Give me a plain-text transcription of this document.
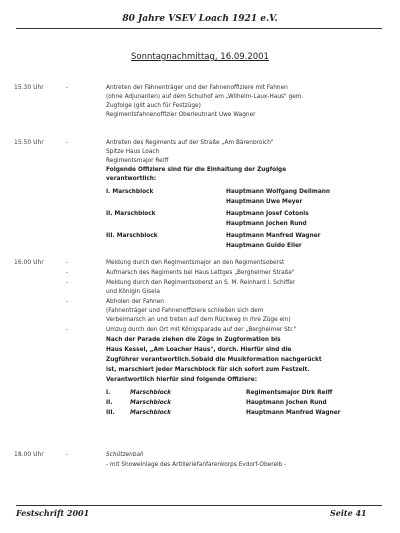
80 Jahre VSEV Loach 1921 e.V.
Sonntagnachmittag, 16.09.2001
15.30 Uhr	-	Antreten der Fähnenträger und der Fahnenoffiziere mit Fahnen
(ohne Adjunanten) auf dem Schulhof am „Wilhelm-Laux-Haus" gem.
Zugfolge (gilt auch für Festzüge)
Regimentsfahnenoffizier Oberleutnant Uwe Wagner
15.50 Uhr	-	Antreten des Regiments auf der Straße „Am Bärenbroich"
Spitze Haus Loach
Regimentsmajor Reiff
Folgende Offiziere sind für die Einhaltung der Zugfolge
verantwortlich:
I. Marschblock	Hauptmann Wolfgang Dellmann
Hauptmann Uwe Meyer
II. Marschblock	Hauptmann Josef Cotonis
Hauptmann Jochen Rund
III. Marschblock	Hauptmann Manfred Wagner
Hauptmann Guido Eller
16.00 Uhr	-	Meldung durch den Regimentsmajor an den Regimentsoberst
-	Aufmarsch des Regiments bei Haus Lettges „Bergheimer Straße"
-	Meldung durch den Regimentsoberst an S. M. Reinhard I. Schiffer
und Königin Gisela
-	Abholen der Fahnen
(Fahnenträger und Fahnenoffiziere schließen sich dem
Verbeimarsch an und treten auf dem Rückweg in ihre Züge ein)
-	Umzug durch den Ort mit Königsparade auf der „Bergheimer Str."
Nach der Parade ziehen die Züge in Zugformation bis
Haus Kessel, „Am Loacher Haus", durch. Hierfür sind die
Zugführer verantwortlich.Sobald die Musikformation nachgerückt
ist, marschiert jeder Marschblock für sich sofort zum Festzelt.
Verantwortlich hierfür sind folgende Offiziere:
I.	Marschblock	Regimentsmajor Dirk Reiff
II.	Marschblock	Hauptmann Jochen Rund
III.	Marschblock	Hauptmann Manfred Wagner
18.00 Uhr	-	Schützenball
- mit Showeinlage des Artilleriefanfarenkorps Evdorf-Oberelb -
Festschrift 2001	Seite 41
